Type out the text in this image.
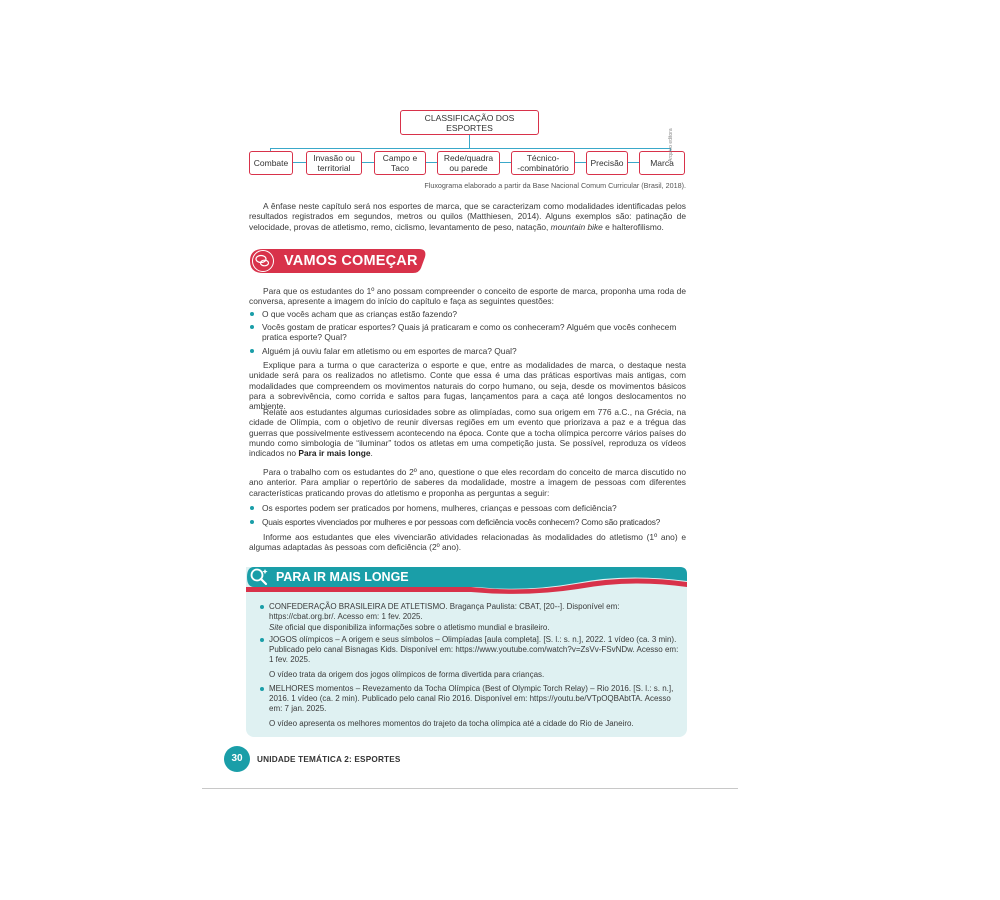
CLASSIFICAÇÃO DOS ESPORTES
Combate	Invasão ou
territorial
Campo e
Taco
Rede/quadra
ou parede
Técnico-
-combinatório	Precisão	Marca
Arquivo editora
Fluxograma elaborado a partir da Base Nacional Comum Curricular (Brasil, 2018).
A ênfase neste capítulo será nos esportes de marca, que se caracterizam como modalidades identificadas pelos resultados registrados em segundos, metros ou quilos (Matthiesen, 2014). Alguns exemplos são: patinação de velocidade, provas de atletismo, remo, ciclismo, levantamento de peso, natação, mountain bike e halterofilismo.
VAMOS COMEÇAR
Para que os estudantes do 1º ano possam compreender o conceito de esporte de marca, proponha uma roda de conversa, apresente a imagem do início do capítulo e faça as seguintes questões:
O que vocês acham que as crianças estão fazendo?
Vocês gostam de praticar esportes? Quais já praticaram e como os conheceram? Alguém que vocês conhecem pratica esporte? Qual?
Alguém já ouviu falar em atletismo ou em esportes de marca? Qual?
Explique para a turma o que caracteriza o esporte e que, entre as modalidades de marca, o destaque nesta unidade será para os realizados no atletismo. Conte que essa é uma das práticas esportivas mais antigas, com modalidades que compreendem os movimentos naturais do corpo humano, ou seja, desde os movimentos básicos para a sobrevivência, como corrida e saltos para fugas, lançamentos para a caça até longos deslocamentos no ambiente.
Relate aos estudantes algumas curiosidades sobre as olimpíadas, como sua origem em 776 a.C., na Grécia, na cidade de Olímpia, com o objetivo de reunir diversas regiões em um evento que priorizava a paz e a trégua das guerras que possivelmente estivessem acontecendo na época. Conte que a tocha olímpica percorre vários países do mundo como simbologia de “iluminar” todos os atletas em uma competição justa. Se possível, reproduza os vídeos indicados no Para ir mais longe.
Para o trabalho com os estudantes do 2º ano, questione o que eles recordam do conceito de marca discutido no ano anterior. Para ampliar o repertório de saberes da modalidade, mostre a imagem de pessoas com diferentes características praticando provas do atletismo e proponha as perguntas a seguir:
Os esportes podem ser praticados por homens, mulheres, crianças e pessoas com deficiência?
Quais esportes vivenciados por mulheres e por pessoas com deficiência vocês conhecem? Como são praticados?
Informe aos estudantes que eles vivenciarão atividades relacionadas às modalidades do atletismo (1º ano) e algumas adaptadas às pessoas com deficiência (2º ano).
PARA IR MAIS LONGE
CONFEDERAÇÃO BRASILEIRA DE ATLETISMO. Bragança Paulista: CBAT, [20--]. Disponível em: https://cbat.org.br/. Acesso em: 1 fev. 2025.
Site oficial que disponibiliza informações sobre o atletismo mundial e brasileiro.
JOGOS olímpicos – A origem e seus símbolos – Olimpíadas [aula completa]. [S. l.: s. n.], 2022. 1 vídeo (ca. 3 min). Publicado pelo canal Bisnagas Kids. Disponível em: https://www.youtube.com/watch?v=ZsVv-FSvNDw. Acesso em: 1 fev. 2025.
O vídeo trata da origem dos jogos olímpicos de forma divertida para crianças.
MELHORES momentos – Revezamento da Tocha Olímpica (Best of Olympic Torch Relay) – Rio 2016. [S. l.: s. n.], 2016. 1 vídeo (ca. 2 min). Publicado pelo canal Rio 2016. Disponível em: https://youtu.be/VTpOQBAbtTA. Acesso em: 7 jan. 2025.
O vídeo apresenta os melhores momentos do trajeto da tocha olímpica até a cidade do Rio de Janeiro.
30	UNIDADE TEMÁTICA 2: ESPORTES
